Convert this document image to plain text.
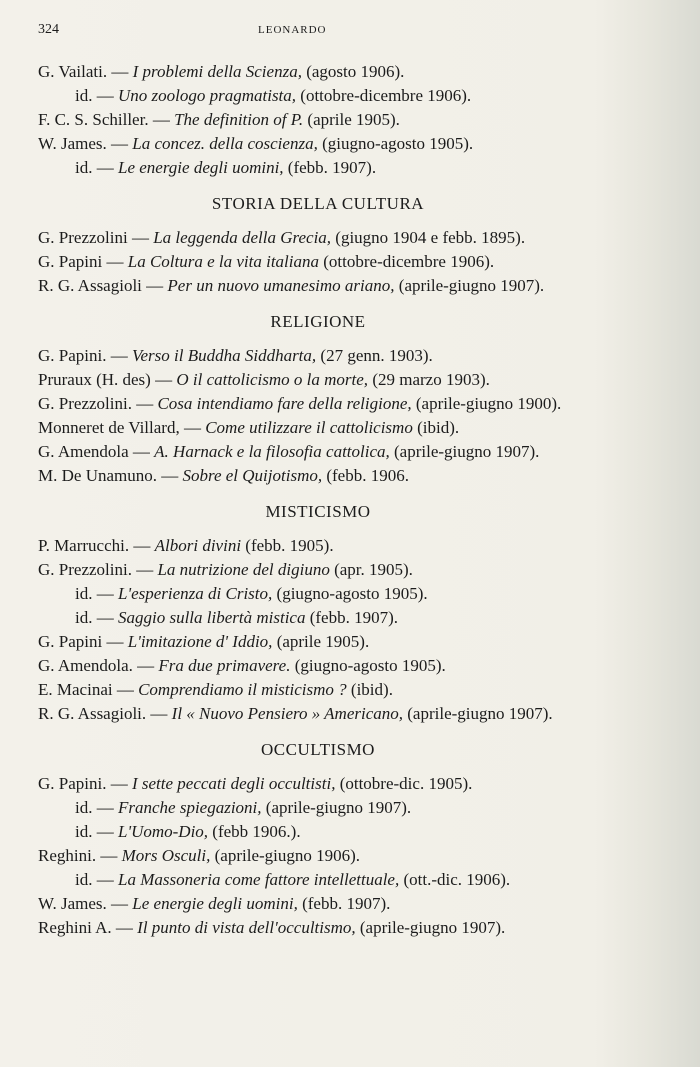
324	LEONARDO

G. Vailati. — I problemi della Scienza, (agosto 1906).

id. — Uno zoologo pragmatista, (ottobre-dicembre 1906).

F. C. S. Schiller. — The definition of P. (aprile 1905).

W. James. — La concez. della coscienza, (giugno-agosto 1905).

id. — Le energie degli uomini, (febb. 1907).

STORIA DELLA CULTURA

G. Prezzolini — La leggenda della Grecia, (giugno 1904 e febb. 1895).

G. Papini — La Coltura e la vita italiana (ottobre-dicembre 1906).

R. G. Assagioli — Per un nuovo umanesimo ariano, (aprile-giugno 1907).

RELIGIONE

G. Papini. — Verso il Buddha Siddharta, (27 genn. 1903).

Pruraux (H. des) — O il cattolicismo o la morte, (29 marzo 1903).

G. Prezzolini. — Cosa intendiamo fare della religione, (aprile-giugno 1900).

Monneret de Villard, — Come utilizzare il cattolicismo (ibid).

G. Amendola — A. Harnack e la filosofia cattolica, (aprile-giugno 1907).

M. De Unamuno. — Sobre el Quijotismo, (febb. 1906.

MISTICISMO

P. Marrucchi. — Albori divini (febb. 1905).

G. Prezzolini. — La nutrizione del digiuno (apr. 1905).

id. — L'esperienza di Cristo, (giugno-agosto 1905).

id. — Saggio sulla libertà mistica (febb. 1907).

G. Papini — L'imitazione d' Iddio, (aprile 1905).

G. Amendola. — Fra due primavere. (giugno-agosto 1905).

E. Macinai — Comprendiamo il misticismo ? (ibid).

R. G. Assagioli. — Il « Nuovo Pensiero » Americano, (aprile-giugno 1907).

OCCULTISMO

G. Papini. — I sette peccati degli occultisti, (ottobre-dic. 1905).

id. — Franche spiegazioni, (aprile-giugno 1907).

id. — L'Uomo-Dio, (febb 1906.).

Reghini. — Mors Osculi, (aprile-giugno 1906).

id. — La Massoneria come fattore intellettuale, (ott.-dic. 1906).

W. James. — Le energie degli uomini, (febb. 1907).

Reghini A. — Il punto di vista dell'occultismo, (aprile-giugno 1907).
